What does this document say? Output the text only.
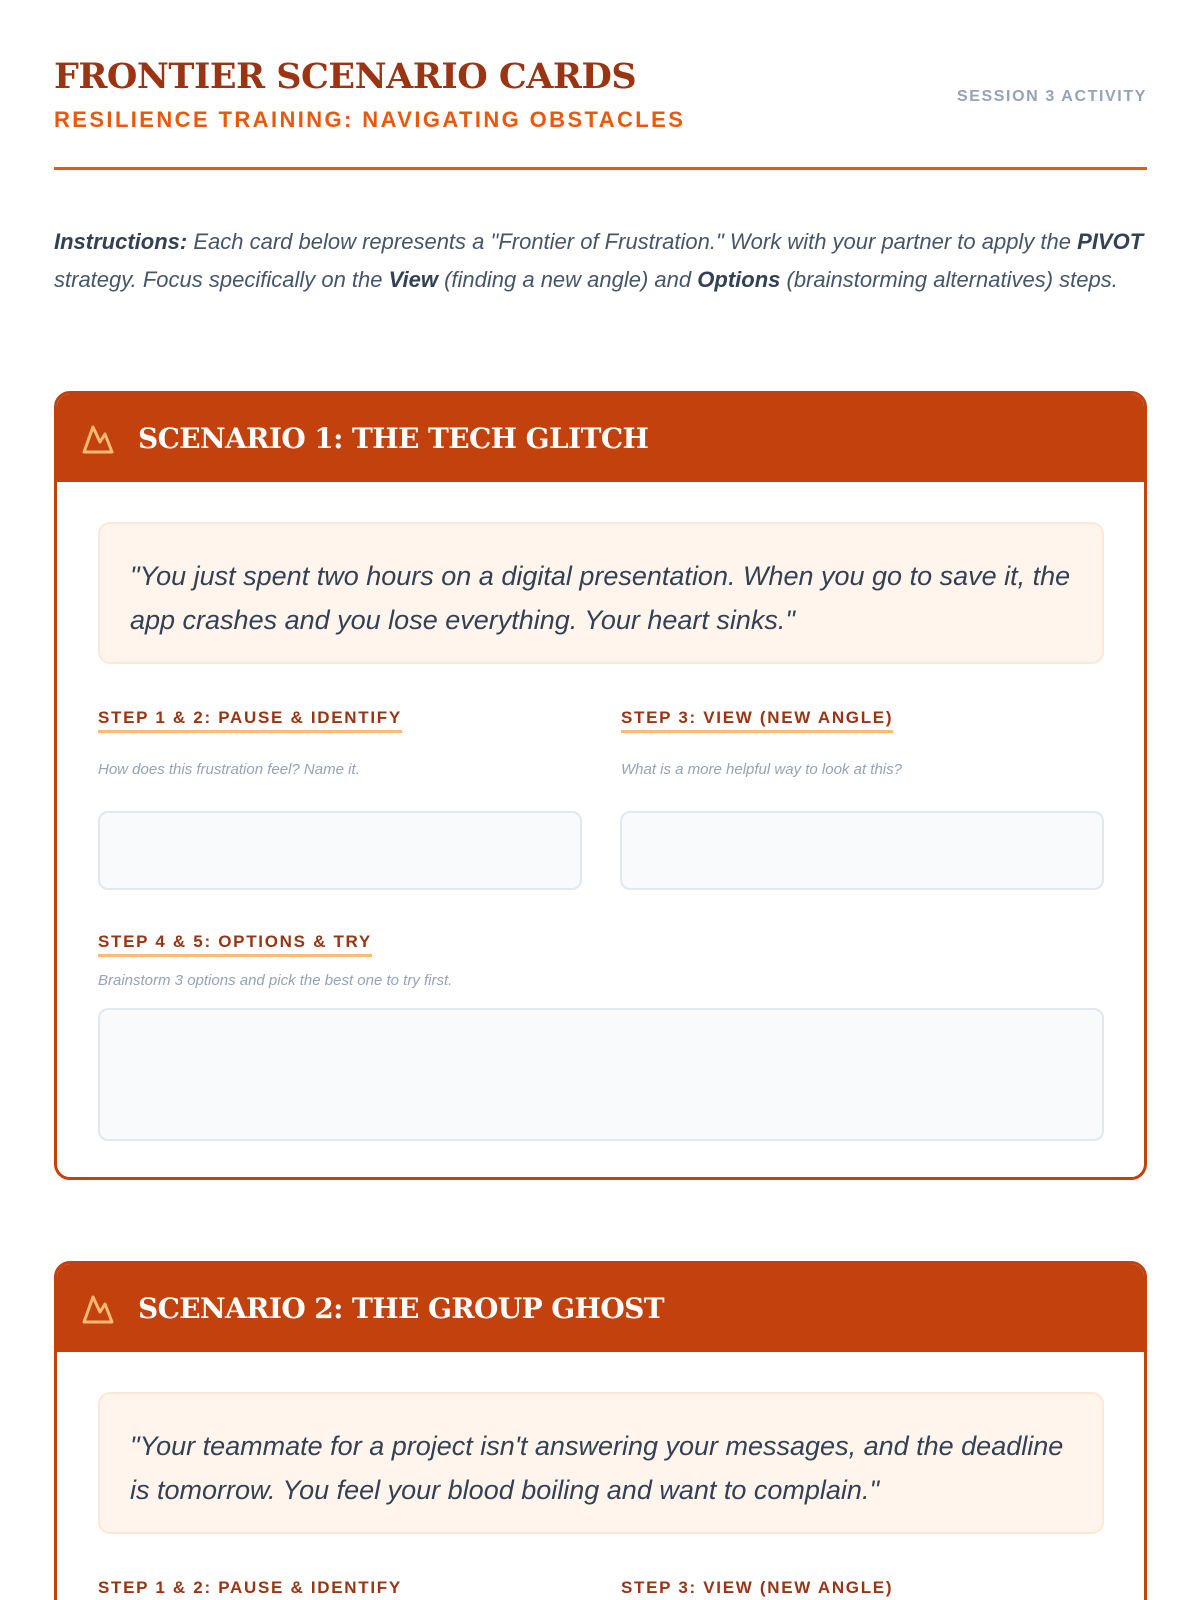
FRONTIER SCENARIO CARDS
RESILIENCE TRAINING: NAVIGATING OBSTACLES
SESSION 3 ACTIVITY

Instructions: Each card below represents a "Frontier of Frustration." Work with your partner to apply the PIVOT strategy. Focus specifically on the View (finding a new angle) and Options (brainstorming alternatives) steps.

SCENARIO 1: THE TECH GLITCH
"You just spent two hours on a digital presentation. When you go to save it, the app crashes and you lose everything. Your heart sinks."
STEP 1 & 2: PAUSE & IDENTIFY
How does this frustration feel? Name it.
STEP 3: VIEW (NEW ANGLE)
What is a more helpful way to look at this?
STEP 4 & 5: OPTIONS & TRY
Brainstorm 3 options and pick the best one to try first.
SCENARIO 2: THE GROUP GHOST
"Your teammate for a project isn't answering your messages, and the deadline is tomorrow. You feel your blood boiling and want to complain."
STEP 1 & 2: PAUSE & IDENTIFY	STEP 3: VIEW (NEW ANGLE)
